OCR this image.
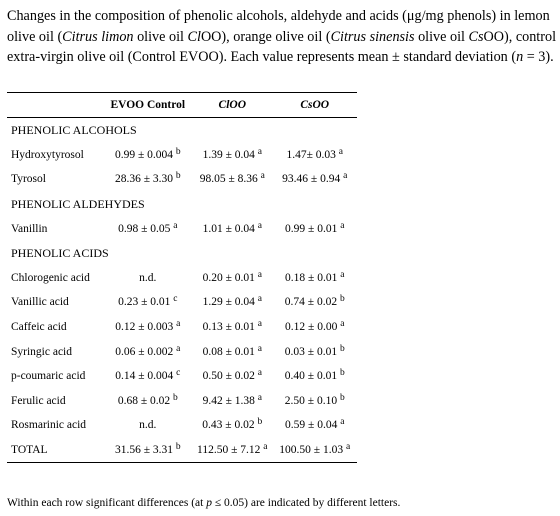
Changes in the composition of phenolic alcohols, aldehyde and acids (μg/mg phenols) in lemon
olive oil (Citrus limon olive oil ClOO), orange olive oil (Citrus sinensis olive oil CsOO), control
extra-virgin olive oil (Control EVOO). Each value represents mean ± standard deviation (n = 3).
	EVOO Control	ClOO	CsOO
PHENOLIC ALCOHOLS			
Hydroxytyrosol	0.99 ± 0.004 $^b$	1.39 ± 0.04 $^a$	1.47± 0.03 $^a$
Tyrosol	28.36 ± 3.30 $^b$	98.05 ± 8.36 $^a$	93.46 ± 0.94 $^a$
PHENOLIC ALDEHYDES			
Vanillin	0.98 ± 0.05 $^a$	1.01 ± 0.04 $^a$	0.99 ± 0.01 $^a$
PHENOLIC ACIDS			
Chlorogenic acid	n.d.	0.20 ± 0.01 $^a$	0.18 ± 0.01 $^a$
Vanillic acid	0.23 ± 0.01 $^c$	1.29 ± 0.04 $^a$	0.74 ± 0.02 $^b$
Caffeic acid	0.12 ± 0.003 $^a$	0.13 ± 0.01 $^a$	0.12 ± 0.00 $^a$
Syringic acid	0.06 ± 0.002 $^a$	0.08 ± 0.01 $^a$	0.03 ± 0.01 $^b$
p-coumaric acid	0.14 ± 0.004 $^c$	0.50 ± 0.02 $^a$	0.40 ± 0.01 $^b$
Ferulic acid	0.68 ± 0.02 $^b$	9.42 ± 1.38 $^a$	2.50 ± 0.10 $^b$
Rosmarinic acid	n.d.	0.43 ± 0.02 $^b$	0.59 ± 0.04 $^a$
TOTAL	31.56 ± 3.31 $^b$	112.50 ± 7.12 $^a$	100.50 ± 1.03 $^a$
Within each row significant differences (at p ≤ 0.05) are indicated by different letters.
